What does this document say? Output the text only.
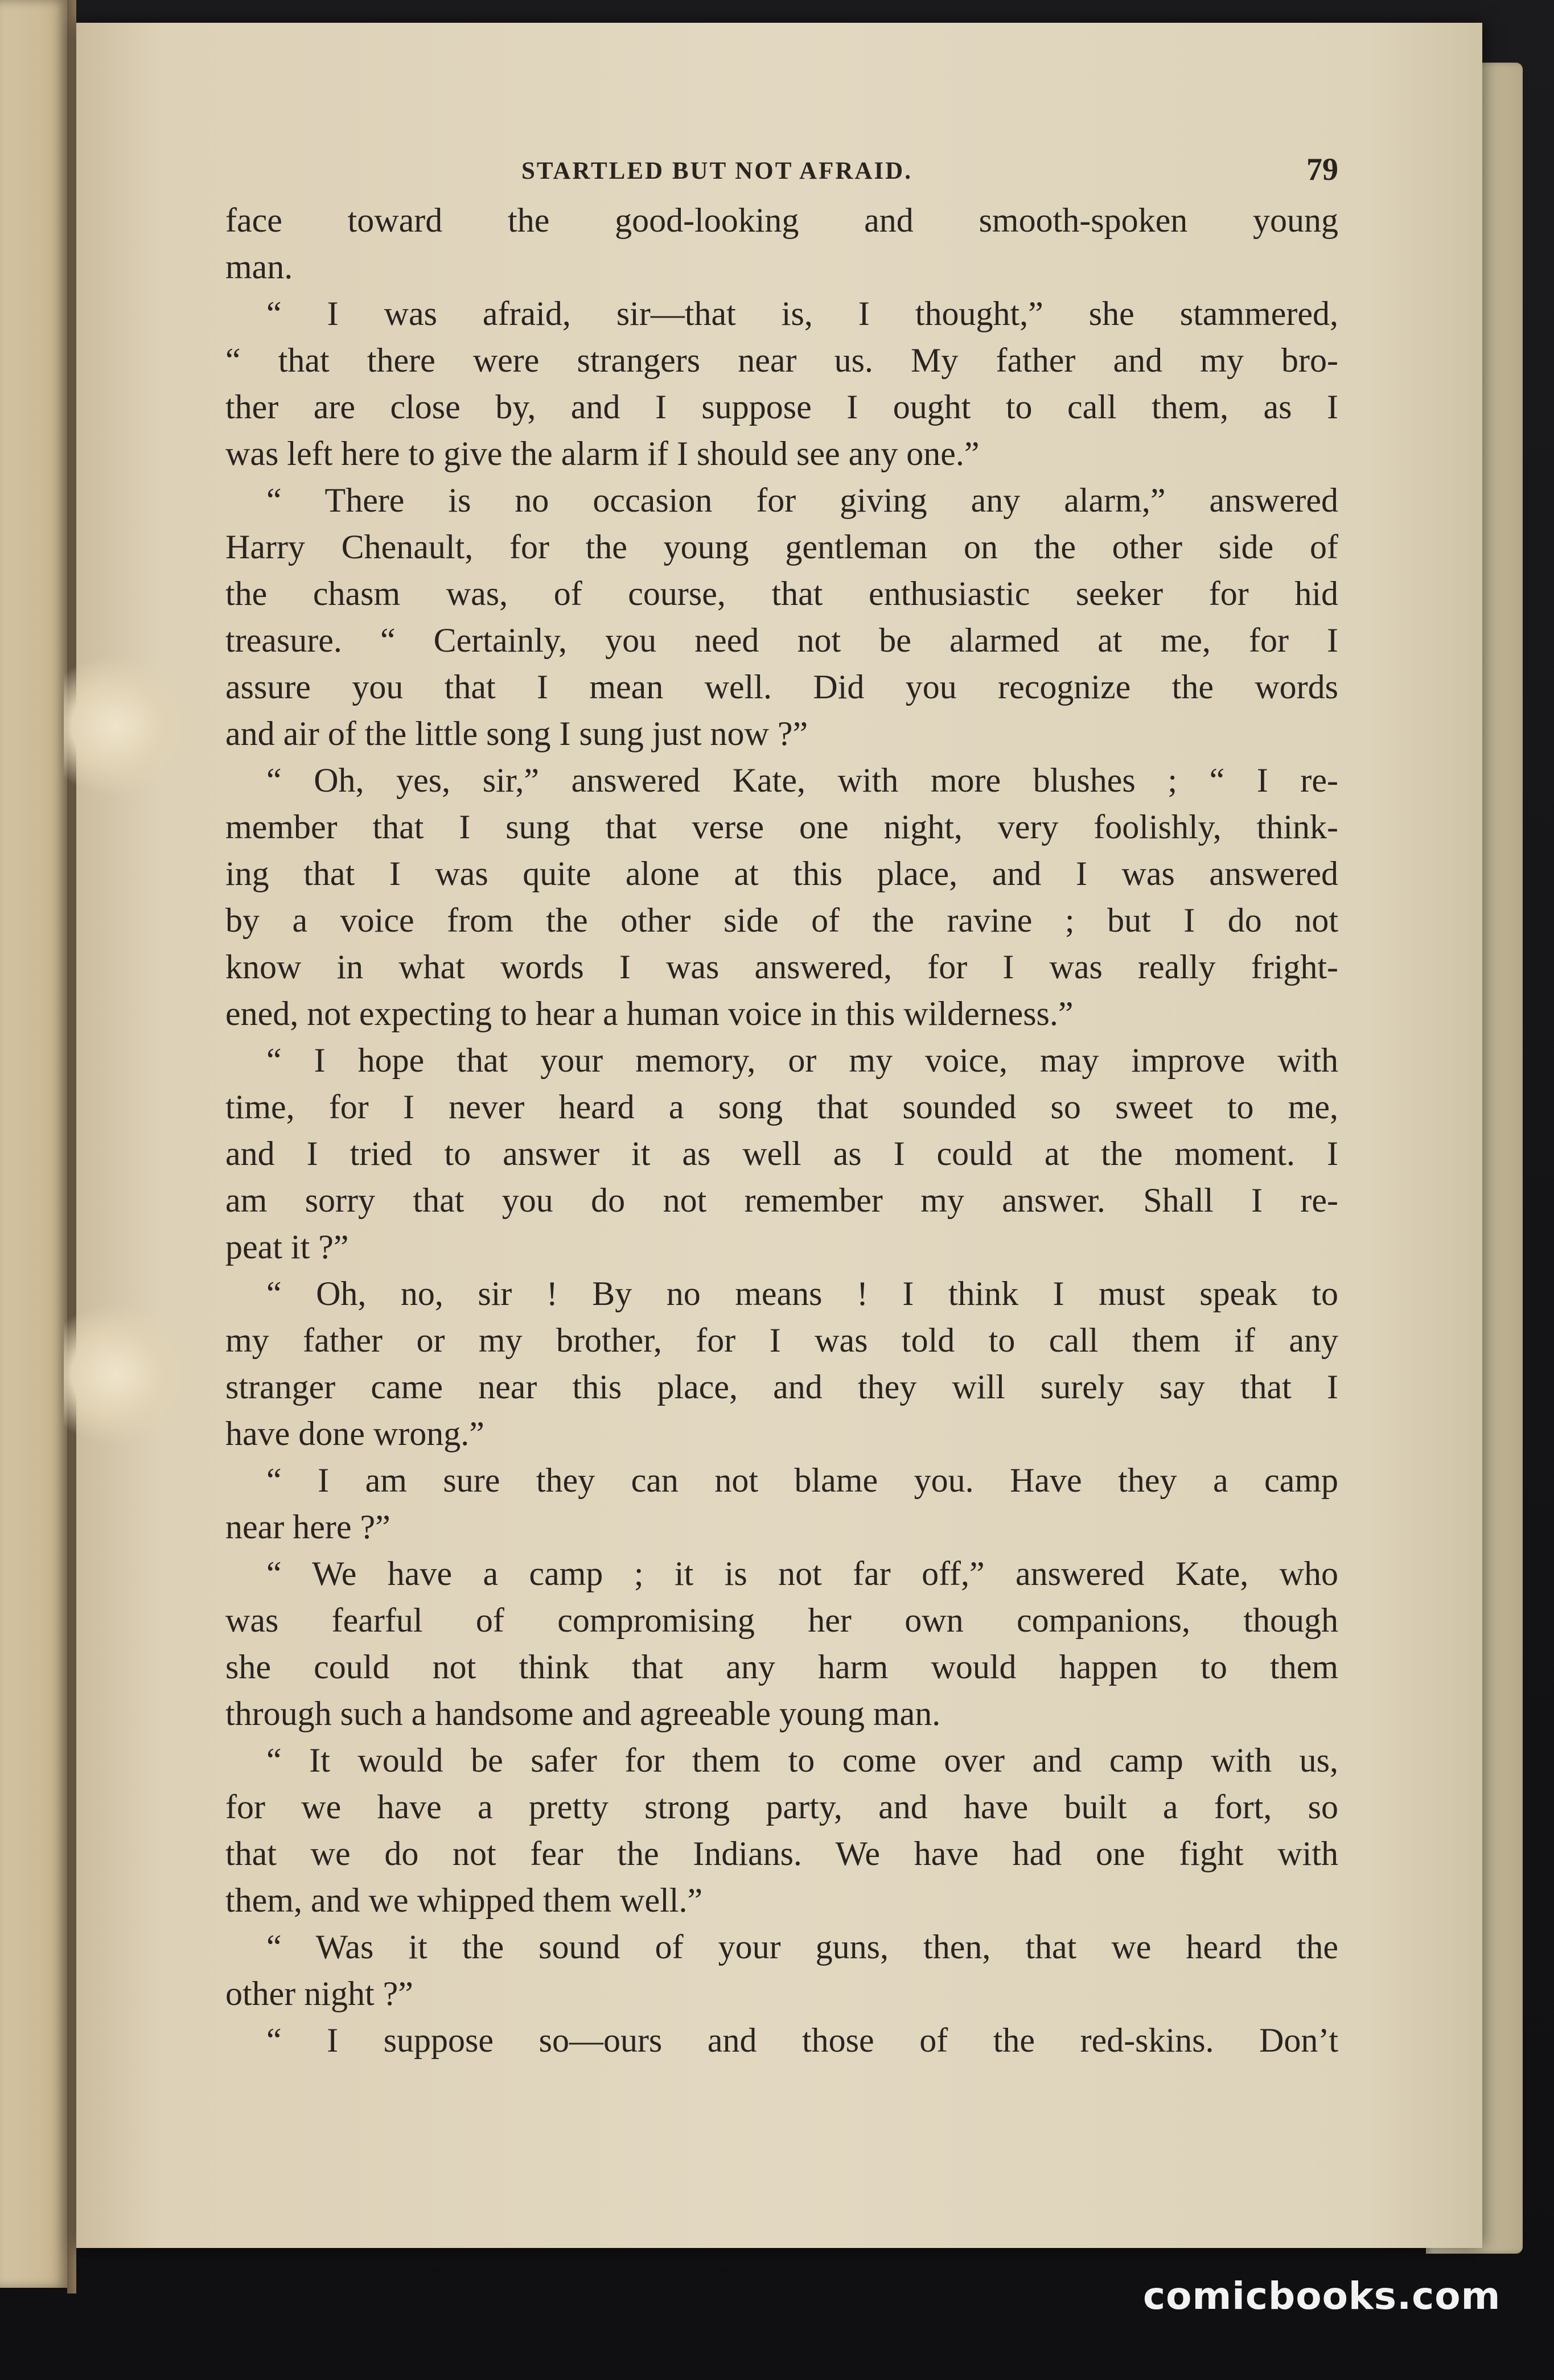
STARTLED BUT NOT AFRAID.	79
face toward the good-looking and smooth-spoken young
man.
“ I was afraid, sir—that is, I thought,” she stammered,
“ that there were strangers near us. My father and my bro-
ther are close by, and I suppose I ought to call them, as I
was left here to give the alarm if I should see any one.”
“ There is no occasion for giving any alarm,” answered
Harry Chenault, for the young gentleman on the other side of
the chasm was, of course, that enthusiastic seeker for hid
treasure. “ Certainly, you need not be alarmed at me, for I
assure you that I mean well. Did you recognize the words
and air of the little song I sung just now ?”
“ Oh, yes, sir,” answered Kate, with more blushes ; “ I re-
member that I sung that verse one night, very foolishly, think-
ing that I was quite alone at this place, and I was answered
by a voice from the other side of the ravine ; but I do not
know in what words I was answered, for I was really fright-
ened, not expecting to hear a human voice in this wilderness.”
“ I hope that your memory, or my voice, may improve with
time, for I never heard a song that sounded so sweet to me,
and I tried to answer it as well as I could at the moment. I
am sorry that you do not remember my answer. Shall I re-
peat it ?”
“ Oh, no, sir ! By no means ! I think I must speak to
my father or my brother, for I was told to call them if any
stranger came near this place, and they will surely say that I
have done wrong.”
“ I am sure they can not blame you. Have they a camp
near here ?”
“ We have a camp ; it is not far off,” answered Kate, who
was fearful of compromising her own companions, though
she could not think that any harm would happen to them
through such a handsome and agreeable young man.
“ It would be safer for them to come over and camp with us,
for we have a pretty strong party, and have built a fort, so
that we do not fear the Indians. We have had one fight with
them, and we whipped them well.”
“ Was it the sound of your guns, then, that we heard the
other night ?”
“ I suppose so—ours and those of the red-skins. Don’t
comicbooks.com
